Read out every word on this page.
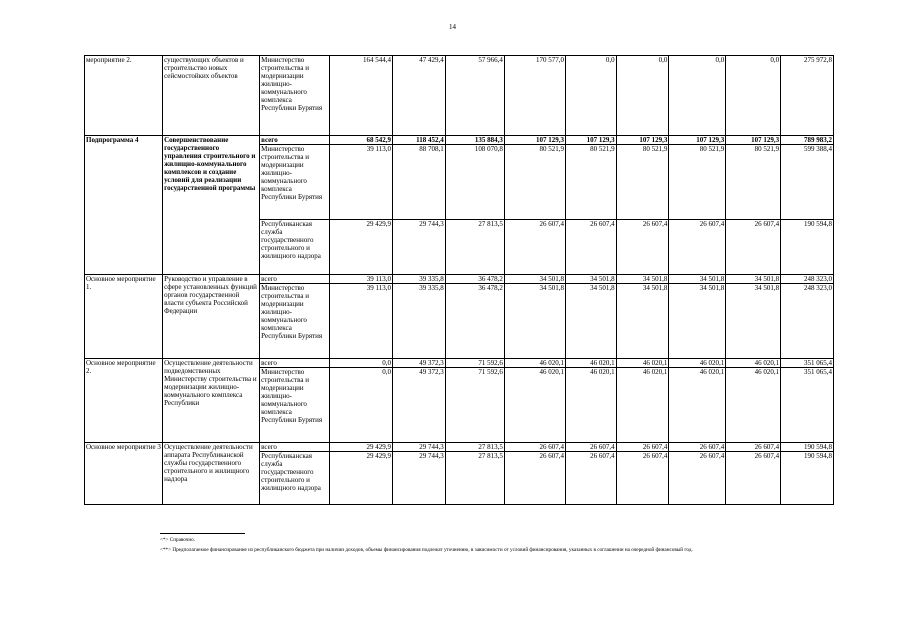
14
мероприятие 2.	существующих объектов и строительство новых сейсмостойких объектов	Министерство строительства и модернизации жилищно-коммунального комплекса Республики Бурятия	164 544,4	47 429,4	57 966,4	170 577,0	0,0	0,0	0,0	0,0	275 972,8
Подпрограмма 4	Совершенствование государственного управления строительного и жилищно-коммунального комплексов и создание условий для реализации государственной программы	всего	68 542,9	118 452,4	135 884,3	107 129,3	107 129,3	107 129,3	107 129,3	107 129,3	789 983,2
		Министерство строительства и модернизации жилищно-коммунального комплекса Республики Бурятия	39 113,0	88 708,1	108 070,8	80 521,9	80 521,9	80 521,9	80 521,9	80 521,9	599 388,4
		Республиканская служба государственного строительного и жилищного надзора	29 429,9	29 744,3	27 813,5	26 607,4	26 607,4	26 607,4	26 607,4	26 607,4	190 594,8
Основное мероприятие 1.	Руководство и управление в сфере установленных функций органов государственной власти субъекта Российской Федерации	всего	39 113,0	39 335,8	36 478,2	34 501,8	34 501,8	34 501,8	34 501,8	34 501,8	248 323,0
		Министерство строительства и модернизации жилищно-коммунального комплекса Республики Бурятия	39 113,0	39 335,8	36 478,2	34 501,8	34 501,8	34 501,8	34 501,8	34 501,8	248 323,0
Основное мероприятие 2.	Осуществление деятельности подведомственных Министерству строительства и модернизации жилищно-коммунального комплекса Республики	всего	0,0	49 372,3	71 592,6	46 020,1	46 020,1	46 020,1	46 020,1	46 020,1	351 065,4
		Министерство строительства и модернизации жилищно-коммунального комплекса Республики Бурятия	0,0	49 372,3	71 592,6	46 020,1	46 020,1	46 020,1	46 020,1	46 020,1	351 065,4
Основное мероприятие 3	Осуществление деятельности аппарата Республиканской службы государственного строительного и жилищного надзора	всего	29 429,9	29 744,3	27 813,5	26 607,4	26 607,4	26 607,4	26 607,4	26 607,4	190 594,8
		Республиканская служба государственного строительного и жилищного надзора	29 429,9	29 744,3	27 813,5	26 607,4	26 607,4	26 607,4	26 607,4	26 607,4	190 594,8
<*> Справочно.
<**> Предполагаемое финансирование из республиканского бюджета при наличии доходов, объемы финансирования подлежат уточнению, в зависимости от условий финансирования, указанных в соглашении на очередной финансовый год.
